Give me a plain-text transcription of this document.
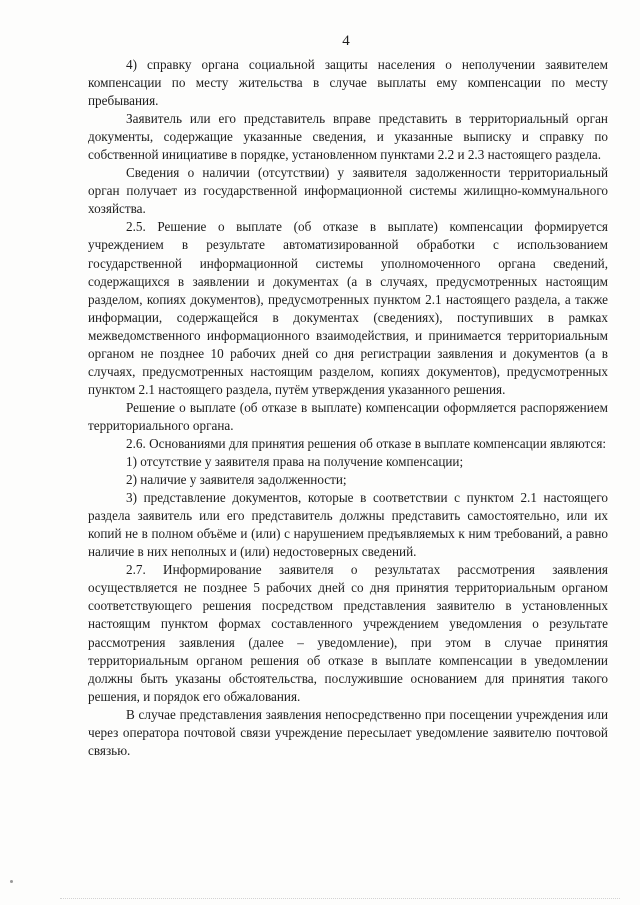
4

4) справку органа социальной защиты населения о неполучении заявителем компенсации по месту жительства в случае выплаты ему компенсации по месту пребывания.

Заявитель или его представитель вправе представить в территориальный орган документы, содержащие указанные сведения, и указанные выписку и справку по собственной инициативе в порядке, установленном пунктами 2.2 и 2.3 настоящего раздела.

Сведения о наличии (отсутствии) у заявителя задолженности территориальный орган получает из государственной информационной системы жилищно-коммунального хозяйства.

2.5. Решение о выплате (об отказе в выплате) компенсации формируется учреждением в результате автоматизированной обработки с использованием государственной информационной системы уполномоченного органа сведений, содержащихся в заявлении и документах (а в случаях, предусмотренных настоящим разделом, копиях документов), предусмотренных пунктом 2.1 настоящего раздела, а также информации, содержащейся в документах (сведениях), поступивших в рамках межведомственного информационного взаимодействия, и принимается территориальным органом не позднее 10 рабочих дней со дня регистрации заявления и документов (а в случаях, предусмотренных настоящим разделом, копиях документов), предусмотренных пунктом 2.1 настоящего раздела, путём утверждения указанного решения.

Решение о выплате (об отказе в выплате) компенсации оформляется распоряжением территориального органа.

2.6. Основаниями для принятия решения об отказе в выплате компенсации являются:

1) отсутствие у заявителя права на получение компенсации;

2) наличие у заявителя задолженности;

3) представление документов, которые в соответствии с пунктом 2.1 настоящего раздела заявитель или его представитель должны представить самостоятельно, или их копий не в полном объёме и (или) с нарушением предъявляемых к ним требований, а равно наличие в них неполных и (или) недостоверных сведений.

2.7. Информирование заявителя о результатах рассмотрения заявления осуществляется не позднее 5 рабочих дней со дня принятия территориальным органом соответствующего решения посредством представления заявителю в установленных настоящим пунктом формах составленного учреждением уведомления о результате рассмотрения заявления (далее – уведомление), при этом в случае принятия территориальным органом решения об отказе в выплате компенсации в уведомлении должны быть указаны обстоятельства, послужившие основанием для принятия такого решения, и порядок его обжалования.

В случае представления заявления непосредственно при посещении учреждения или через оператора почтовой связи учреждение пересылает уведомление заявителю почтовой связью.
